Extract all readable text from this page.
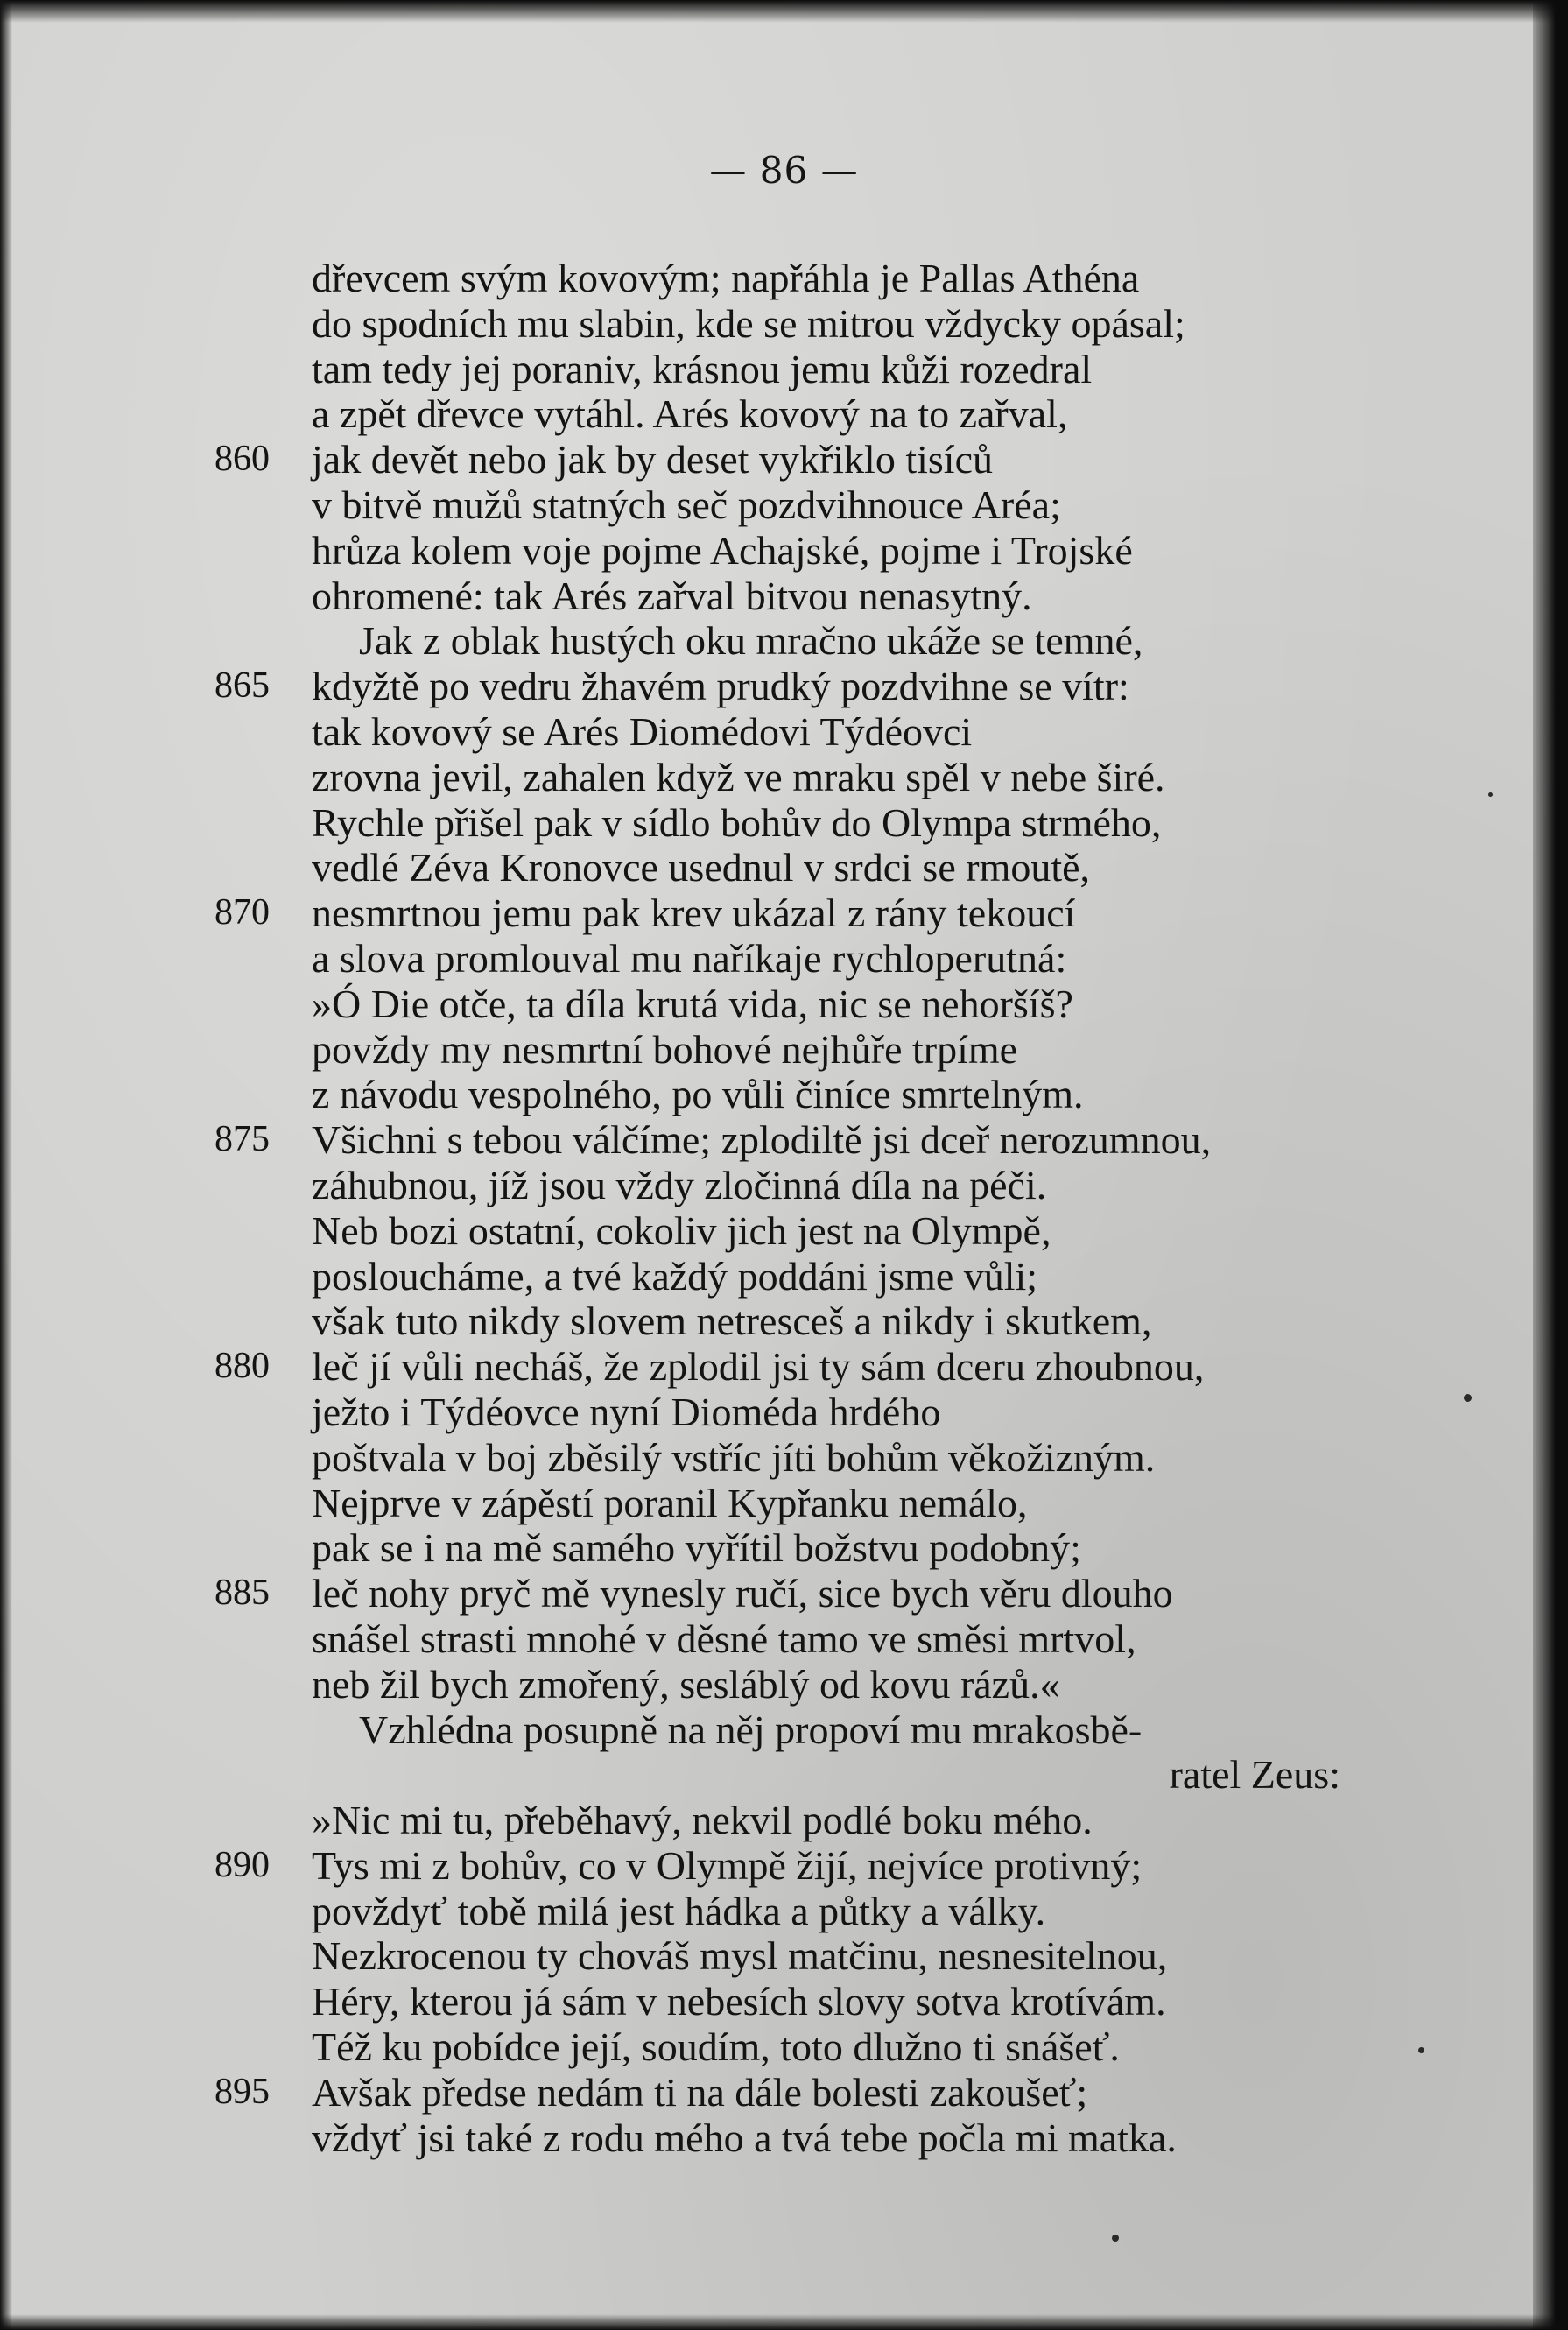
— 86 —
dřevcem svým kovovým; napřáhla je Pallas Athéna
do spodních mu slabin, kde se mitrou vždycky opásal;
tam tedy jej poraniv, krásnou jemu kůži rozedral
a zpět dřevce vytáhl. Arés kovový na to zařval,
860	jak devět nebo jak by deset vykřiklo tisíců
v bitvě mužů statných seč pozdvihnouce Aréa;
hrůza kolem voje pojme Achajské, pojme i Trojské
ohromené: tak Arés zařval bitvou nenasytný.
Jak z oblak hustých oku mračno ukáže se temné,
865	kdyžtě po vedru žhavém prudký pozdvihne se vítr:
tak kovový se Arés Diomédovi Týdéovci
zrovna jevil, zahalen když ve mraku spěl v nebe širé.
Rychle přišel pak v sídlo bohův do Olympa strmého,
vedlé Zéva Kronovce usednul v srdci se rmoutě,
870	nesmrtnou jemu pak krev ukázal z rány tekoucí
a slova promlouval mu naříkaje rychloperutná:
»Ó Die otče, ta díla krutá vida, nic se nehoršíš?
povždy my nesmrtní bohové nejhůře trpíme
z návodu vespolného, po vůli činíce smrtelným.
875	Všichni s tebou válčíme; zplodiltě jsi dceř nerozumnou,
záhubnou, jíž jsou vždy zločinná díla na péči.
Neb bozi ostatní, cokoliv jich jest na Olympě,
posloucháme, a tvé každý poddáni jsme vůli;
však tuto nikdy slovem netresceš a nikdy i skutkem,
880	leč jí vůli necháš, že zplodil jsi ty sám dceru zhoubnou,
ježto i Týdéovce nyní Dioméda hrdého
poštvala v boj zběsilý vstříc jíti bohům věkožizným.
Nejprve v zápěstí poranil Kypřanku nemálo,
pak se i na mě samého vyřítil božstvu podobný;
885	leč nohy pryč mě vynesly ručí, sice bych věru dlouho
snášel strasti mnohé v děsné tamo ve směsi mrtvol,
neb žil bych zmořený, sesláblý od kovu rázů.«
Vzhlédna posupně na něj propoví mu mrakosbě-
ratel Zeus:
»Nic mi tu, přeběhavý, nekvil podlé boku mého.
890	Tys mi z bohův, co v Olympě žijí, nejvíce protivný;
povždyť tobě milá jest hádka a půtky a války.
Nezkrocenou ty chováš mysl matčinu, nesnesitelnou,
Héry, kterou já sám v nebesích slovy sotva krotívám.
Též ku pobídce její, soudím, toto dlužno ti snášeť.
895	Avšak předse nedám ti na dále bolesti zakoušeť;
vždyť jsi také z rodu mého a tvá tebe počla mi matka.
